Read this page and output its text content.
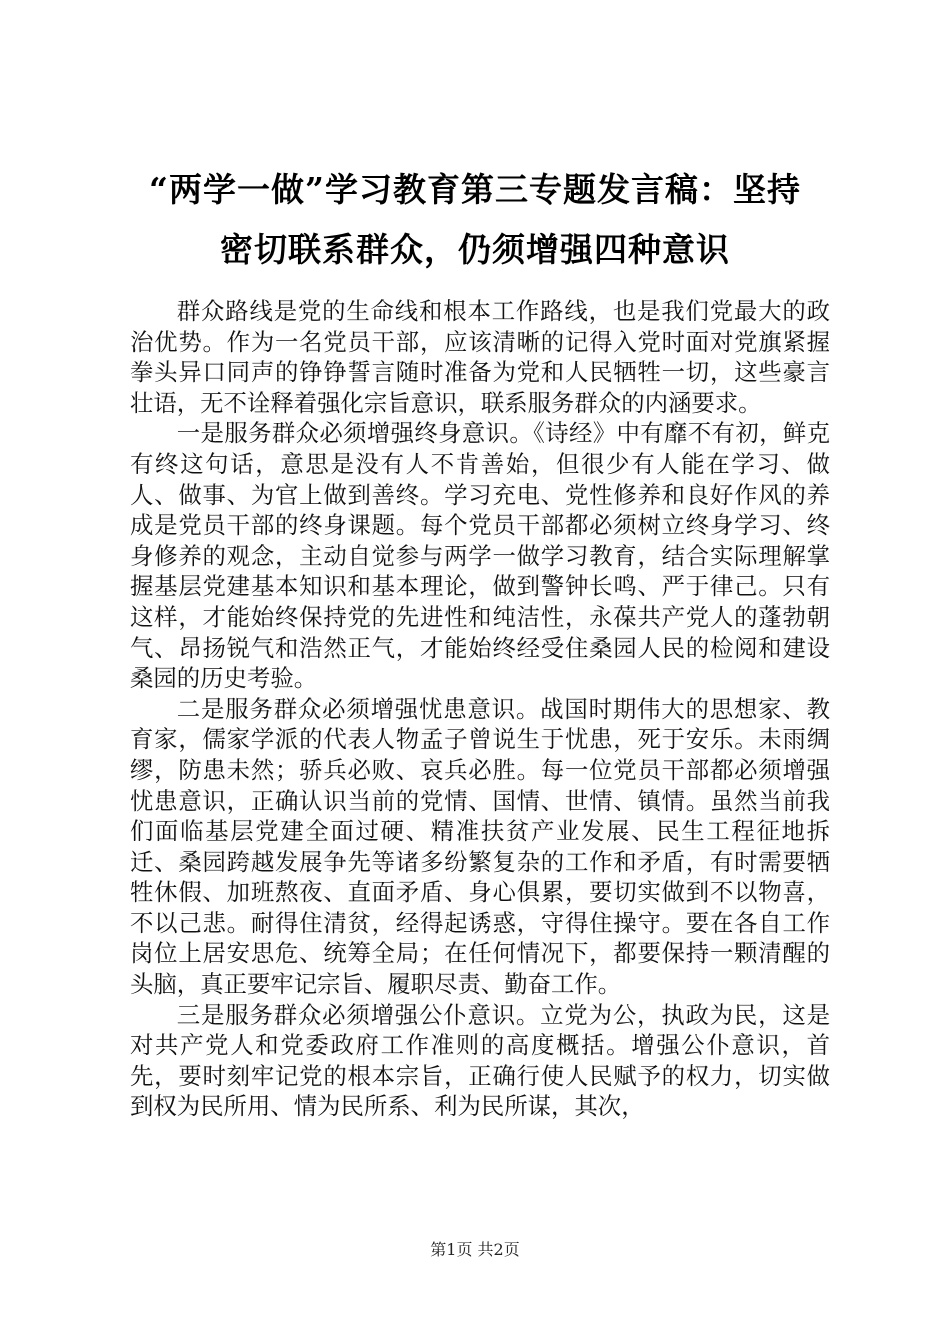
“两学一做”学习教育第三专题发言稿：坚持
密切联系群众，仍须增强四种意识

群众路线是党的生命线和根本工作路线，也是我们党最大的政治优势。作为一名党员干部，应该清晰的记得入党时面对党旗紧握拳头异口同声的铮铮誓言随时准备为党和人民牺牲一切，这些豪言壮语，无不诠释着强化宗旨意识，联系服务群众的内涵要求。

一是服务群众必须增强终身意识。《诗经》中有靡不有初，鲜克有终这句话，意思是没有人不肯善始，但很少有人能在学习、做人、做事、为官上做到善终。学习充电、党性修养和良好作风的养成是党员干部的终身课题。每个党员干部都必须树立终身学习、终身修养的观念，主动自觉参与两学一做学习教育，结合实际理解掌握基层党建基本知识和基本理论，做到警钟长鸣、严于律己。只有这样，才能始终保持党的先进性和纯洁性，永葆共产党人的蓬勃朝气、昂扬锐气和浩然正气，才能始终经受住桑园人民的检阅和建设桑园的历史考验。

二是服务群众必须增强忧患意识。战国时期伟大的思想家、教育家，儒家学派的代表人物孟子曾说生于忧患，死于安乐。未雨绸缪，防患未然；骄兵必败、哀兵必胜。每一位党员干部都必须增强忧患意识，正确认识当前的党情、国情、世情、镇情。虽然当前我们面临基层党建全面过硬、精准扶贫产业发展、民生工程征地拆迁、桑园跨越发展争先等诸多纷繁复杂的工作和矛盾，有时需要牺牲休假、加班熬夜、直面矛盾、身心俱累，要切实做到不以物喜，不以己悲。耐得住清贫，经得起诱惑，守得住操守。要在各自工作岗位上居安思危、统筹全局；在任何情况下，都要保持一颗清醒的头脑，真正要牢记宗旨、履职尽责、勤奋工作。

三是服务群众必须增强公仆意识。立党为公，执政为民，这是对共产党人和党委政府工作准则的高度概括。增强公仆意识，首先，要时刻牢记党的根本宗旨，正确行使人民赋予的权力，切实做到权为民所用、情为民所系、利为民所谋，其次，

第1页 共2页
